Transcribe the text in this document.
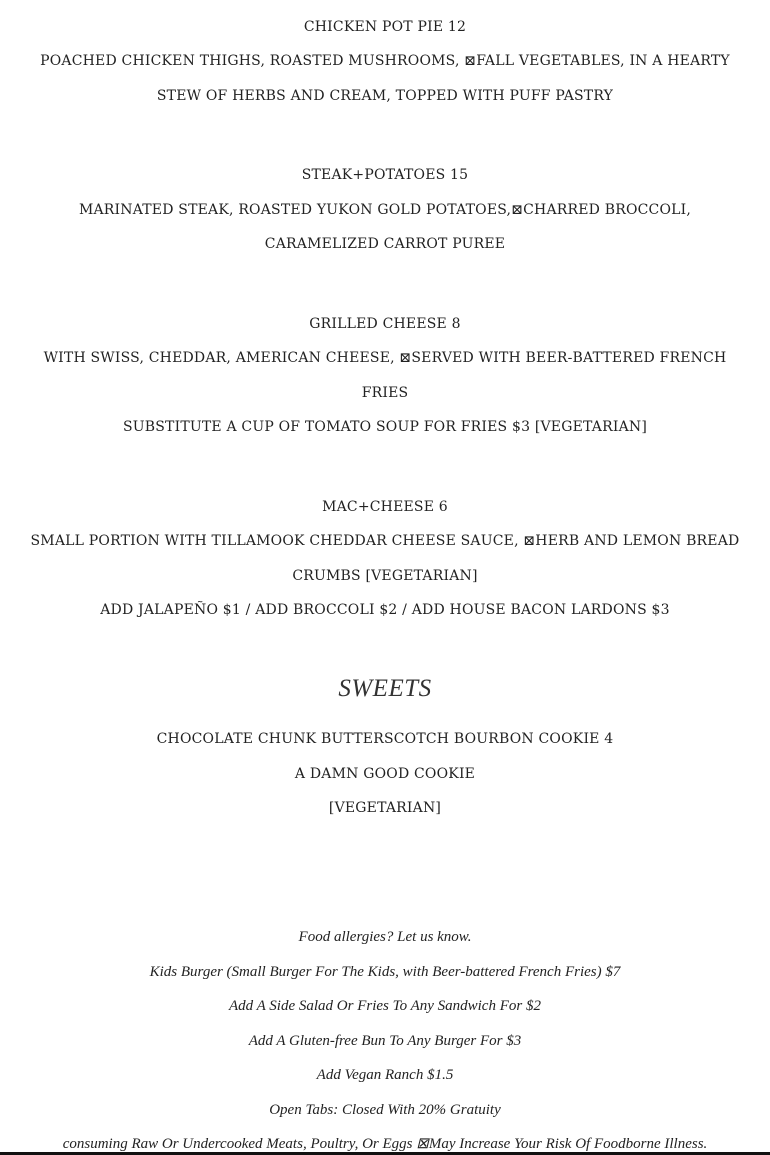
CHICKEN POT PIE 12
POACHED CHICKEN THIGHS, ROASTED MUSHROOMS, ⊠FALL VEGETABLES, IN A HEARTY
STEW OF HERBS AND CREAM, TOPPED WITH PUFF PASTRY
STEAK+POTATOES 15
MARINATED STEAK, ROASTED YUKON GOLD POTATOES,⊠CHARRED BROCCOLI,
CARAMELIZED CARROT PUREE
GRILLED CHEESE 8
WITH SWISS, CHEDDAR, AMERICAN CHEESE, ⊠SERVED WITH BEER-BATTERED FRENCH
FRIES
SUBSTITUTE A CUP OF TOMATO SOUP FOR FRIES $3 [VEGETARIAN]
MAC+CHEESE 6
SMALL PORTION WITH TILLAMOOK CHEDDAR CHEESE SAUCE, ⊠HERB AND LEMON BREAD
CRUMBS [VEGETARIAN]
ADD JALAPEÑO $1 / ADD BROCCOLI $2 / ADD HOUSE BACON LARDONS $3
SWEETS
CHOCOLATE CHUNK BUTTERSCOTCH BOURBON COOKIE 4
A DAMN GOOD COOKIE
[VEGETARIAN]
Food allergies? Let us know.
Kids Burger (Small Burger For The Kids, with Beer-battered French Fries) $7
Add A Side Salad Or Fries To Any Sandwich For $2
Add A Gluten-free Bun To Any Burger For $3
Add Vegan Ranch $1.5
Open Tabs: Closed With 20% Gratuity
consuming Raw Or Undercooked Meats, Poultry, Or Eggs ⊠May Increase Your Risk Of Foodborne Illness.
